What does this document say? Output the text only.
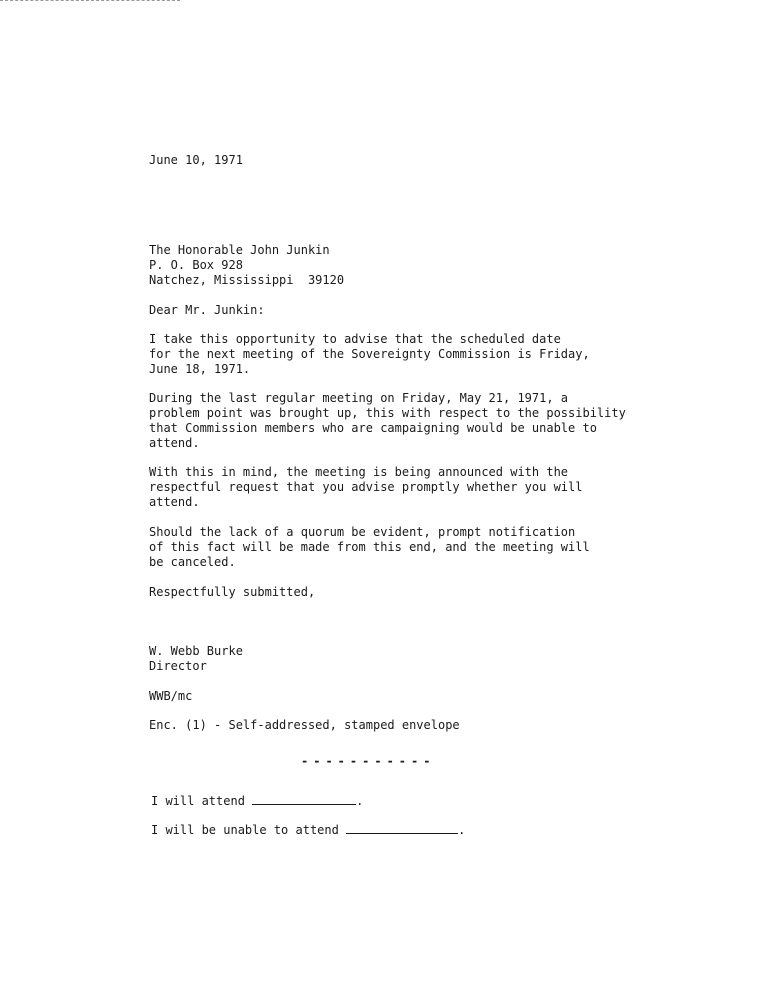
June 10, 1971
The Honorable John Junkin
P. O. Box 928
Natchez, Mississippi  39120
Dear Mr. Junkin:
I take this opportunity to advise that the scheduled date
for the next meeting of the Sovereignty Commission is Friday,
June 18, 1971.
During the last regular meeting on Friday, May 21, 1971, a
problem point was brought up, this with respect to the possibility
that Commission members who are campaigning would be unable to
attend.
With this in mind, the meeting is being announced with the
respectful request that you advise promptly whether you will
attend.
Should the lack of a quorum be evident, prompt notification
of this fact will be made from this end, and the meeting will
be canceled.
Respectfully submitted,
W. Webb Burke
Director
WWB/mc
Enc. (1) - Self-addressed, stamped envelope
-----------
I will attend	.
I will be unable to attend	.
